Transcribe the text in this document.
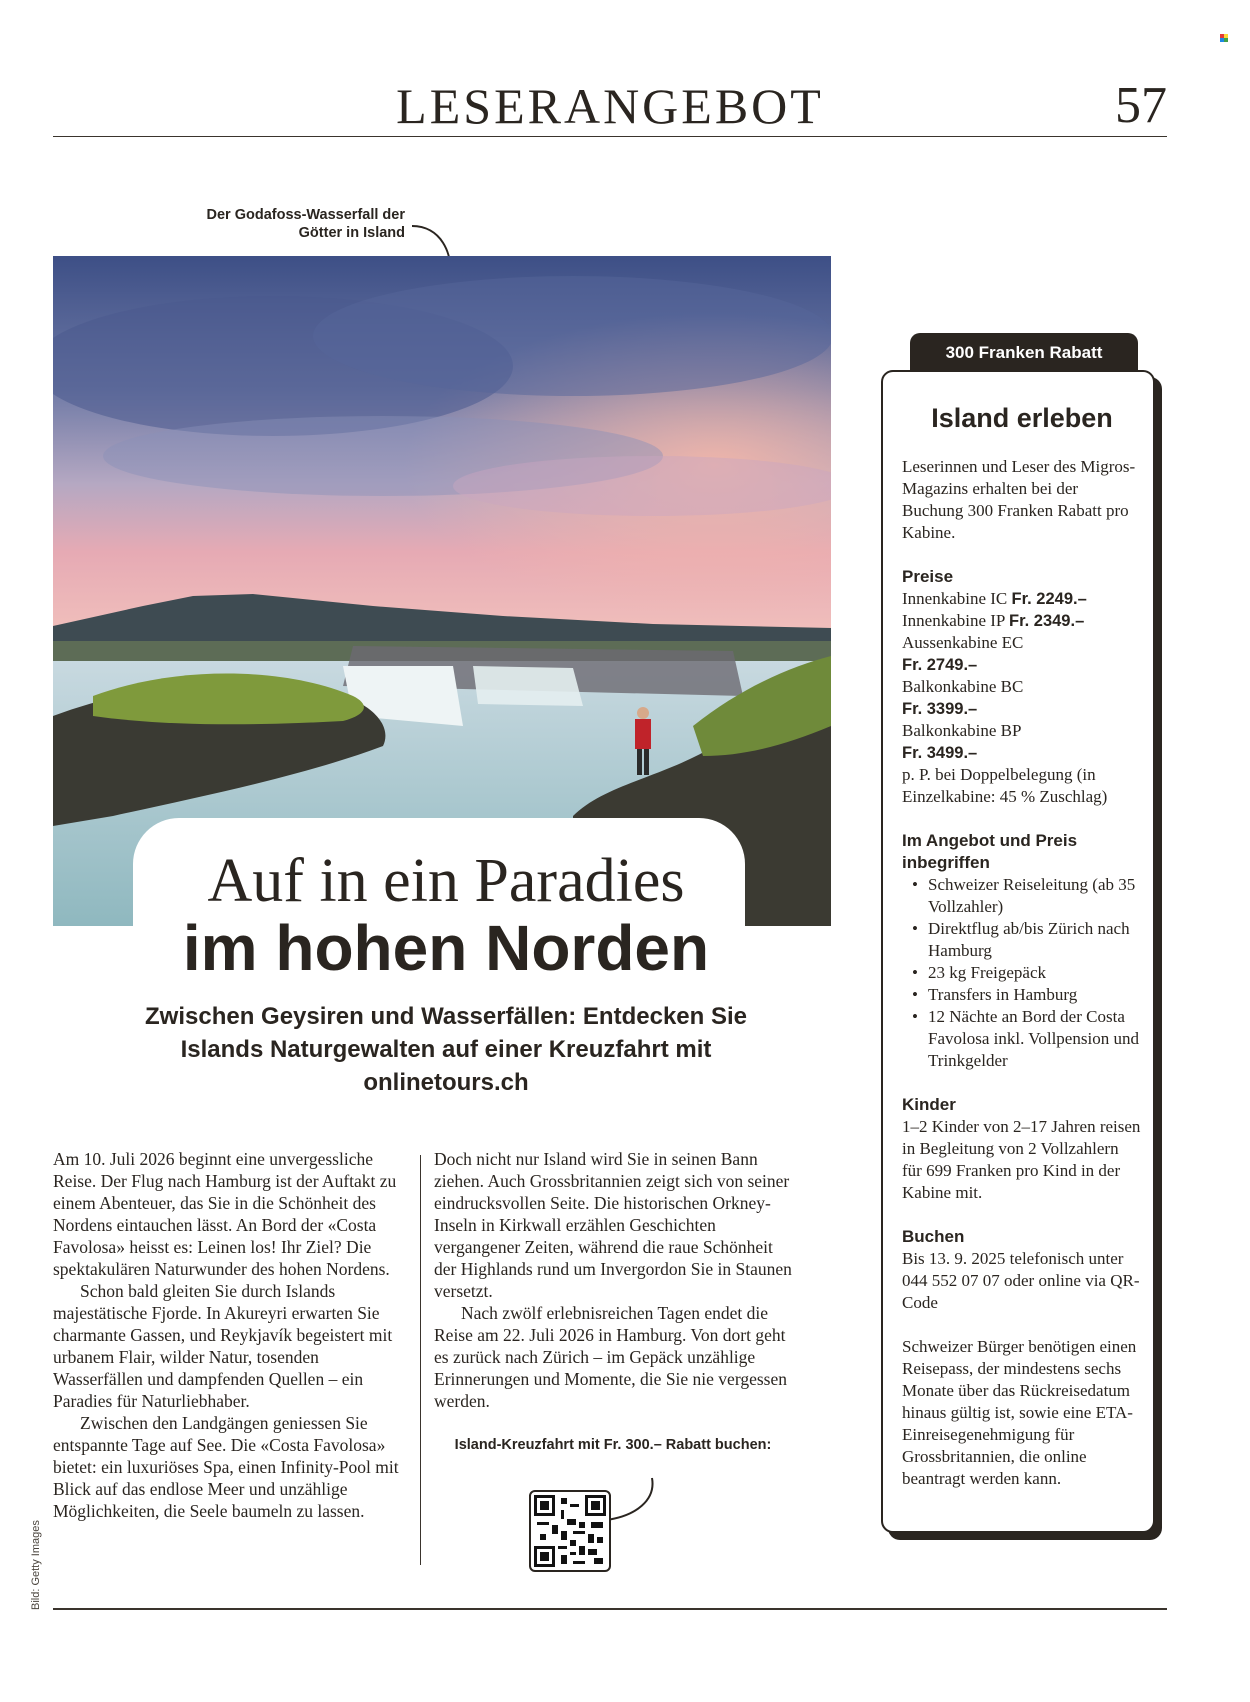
LESERANGEBOT	57
Der Godafoss-Wasserfall der Götter in Island
Auf in ein Paradies
im hohen Norden
Zwischen Geysiren und Wasserfällen: Entdecken Sie Islands Naturgewalten auf einer Kreuzfahrt mit onlinetours.ch

Am 10. Juli 2026 beginnt eine unvergessliche Reise. Der Flug nach Hamburg ist der Auftakt zu einem Abenteuer, das Sie in die Schönheit des Nordens eintauchen lässt. An Bord der «Costa Favolosa» heisst es: Leinen los! Ihr Ziel? Die spektakulären Naturwunder des hohen Nordens.

Schon bald gleiten Sie durch Islands majestätische Fjorde. In Akureyri erwarten Sie charmante Gassen, und Reykjavík begeistert mit urbanem Flair, wilder Natur, tosenden Wasserfällen und dampfenden Quellen – ein Paradies für Naturliebhaber.

Zwischen den Landgängen geniessen Sie entspannte Tage auf See. Die «Costa Favolosa» bietet: ein luxuriöses Spa, einen Infinity-Pool mit Blick auf das endlose Meer und unzählige Möglichkeiten, die Seele baumeln zu lassen.

Doch nicht nur Island wird Sie in seinen Bann ziehen. Auch Grossbritannien zeigt sich von seiner eindrucksvollen Seite. Die historischen Orkney-Inseln in Kirkwall erzählen Geschichten vergangener Zeiten, während die raue Schönheit der Highlands rund um Invergordon Sie in Staunen versetzt.

Nach zwölf erlebnisreichen Tagen endet die Reise am 22. Juli 2026 in Hamburg. Von dort geht es zurück nach Zürich – im Gepäck unzählige Erinnerungen und Momente, die Sie nie vergessen werden.

Island-Kreuzfahrt mit Fr. 300.– Rabatt buchen:
Bild: Getty Images
300 Franken Rabatt
Island erleben

Leserinnen und Leser des Migros-Magazins erhalten bei der Buchung 300 Franken Rabatt pro Kabine.

Preise

Innenkabine IC Fr. 2249.–

Innenkabine IP Fr. 2349.–

Aussenkabine EC
Fr. 2749.–

Balkonkabine BC
Fr. 3399.–

Balkonkabine BP
Fr. 3499.–

p. P. bei Doppelbelegung (in Einzelkabine: 45 % Zuschlag)

Im Angebot und Preis inbegriffen

• Schweizer Reiseleitung (ab 35 Vollzahler)
• Direktflug ab/bis Zürich nach Hamburg
• 23 kg Freigepäck
• Transfers in Hamburg
• 12 Nächte an Bord der Costa Favolosa inkl. Vollpension und Trinkgelder

Kinder

1–2 Kinder von 2–17 Jahren reisen in Begleitung von 2 Vollzahlern für 699 Franken pro Kind in der Kabine mit.

Buchen

Bis 13. 9. 2025 telefonisch unter 044 552 07 07 oder online via QR-Code

Schweizer Bürger benötigen einen Reisepass, der mindestens sechs Monate über das Rückreisedatum hinaus gültig ist, sowie eine ETA-Einreisegenehmigung für Grossbritannien, die online beantragt werden kann.
